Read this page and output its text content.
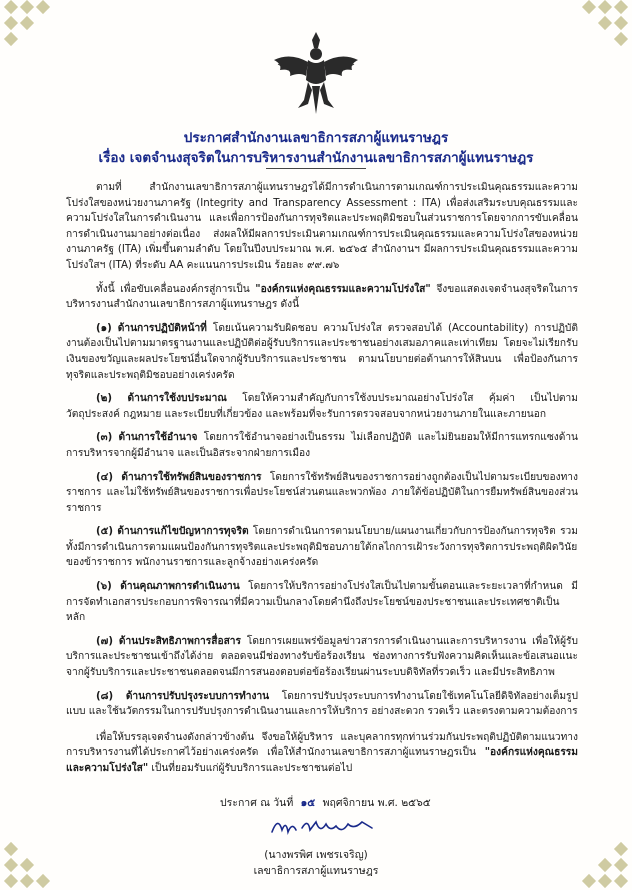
ประกาศสำนักงานเลขาธิการสภาผู้แทนราษฎร
เรื่อง เจตจำนงสุจริตในการบริหารงานสำนักงานเลขาธิการสภาผู้แทนราษฎร

ตามที่ สำนักงานเลขาธิการสภาผู้แทนราษฎรได้มีการดำเนินการตามเกณฑ์การประเมินคุณธรรมและความโปร่งใสของหน่วยงานภาครัฐ (Integrity and Transparency Assessment : ITA) เพื่อส่งเสริมระบบคุณธรรมและความโปร่งใสในการดำเนินงาน และเพื่อการป้องกันการทุจริตและประพฤติมิชอบในส่วนราชการโดยจากการขับเคลื่อนการดำเนินงานมาอย่างต่อเนื่อง ส่งผลให้มีผลการประเมินตามเกณฑ์การประเมินคุณธรรมและความโปร่งใสของหน่วยงานภาครัฐ (ITA) เพิ่มขึ้นตามลำดับ โดยในปีงบประมาณ พ.ศ. ๒๕๖๕ สำนักงานฯ มีผลการประเมินคุณธรรมและความโปร่งใสฯ (ITA) ที่ระดับ AA คะแนนการประเมิน ร้อยละ ๙๙.๗๖

ทั้งนี้ เพื่อขับเคลื่อนองค์กรสู่การเป็น "องค์กรแห่งคุณธรรมและความโปร่งใส" จึงขอแสดงเจตจำนงสุจริตในการบริหารงานสำนักงานเลขาธิการสภาผู้แทนราษฎร ดังนี้

(๑) ด้านการปฏิบัติหน้าที่ โดยเน้นความรับผิดชอบ ความโปร่งใส ตรวจสอบได้ (Accountability) การปฏิบัติงานต้องเป็นไปตามมาตรฐานงานและปฏิบัติต่อผู้รับบริการและประชาชนอย่างเสมอภาคและเท่าเทียม โดยจะไม่เรียกรับเงินของขวัญและผลประโยชน์อื่นใดจากผู้รับบริการและประชาชน ตามนโยบายต่อต้านการให้สินบน เพื่อป้องกันการทุจริตและประพฤติมิชอบอย่างเคร่งครัด

(๒) ด้านการใช้งบประมาณ โดยให้ความสำคัญกับการใช้งบประมาณอย่างโปร่งใส คุ้มค่า เป็นไปตามวัตถุประสงค์ กฎหมาย และระเบียบที่เกี่ยวข้อง และพร้อมที่จะรับการตรวจสอบจากหน่วยงานภายในและภายนอก

(๓) ด้านการใช้อำนาจ โดยการใช้อำนาจอย่างเป็นธรรม ไม่เลือกปฏิบัติ และไม่ยินยอมให้มีการแทรกแซงด้านการบริหารจากผู้มีอำนาจ และเป็นอิสระจากฝ่ายการเมือง

(๔) ด้านการใช้ทรัพย์สินของราชการ โดยการใช้ทรัพย์สินของราชการอย่างถูกต้องเป็นไปตามระเบียบของทางราชการ และไม่ใช้ทรัพย์สินของราชการเพื่อประโยชน์ส่วนตนและพวกพ้อง ภายใต้ข้อปฏิบัติในการยืมทรัพย์สินของส่วนราชการ

(๕) ด้านการแก้ไขปัญหาการทุจริต โดยการดำเนินการตามนโยบาย/แผนงานเกี่ยวกับการป้องกันการทุจริต รวมทั้งมีการดำเนินการตามแผนป้องกันการทุจริตและประพฤติมิชอบภายใต้กลไกการเฝ้าระวังการทุจริตการประพฤติผิดวินัยของข้าราชการ พนักงานราชการและลูกจ้างอย่างเคร่งครัด

(๖) ด้านคุณภาพการดำเนินงาน โดยการให้บริการอย่างโปร่งใสเป็นไปตามขั้นตอนและระยะเวลาที่กำหนด มีการจัดทำเอกสารประกอบการพิจารณาที่มีความเป็นกลางโดยคำนึงถึงประโยชน์ของประชาชนและประเทศชาติเป็นหลัก

(๗) ด้านประสิทธิภาพการสื่อสาร โดยการเผยแพร่ข้อมูลข่าวสารการดำเนินงานและการบริหารงาน เพื่อให้ผู้รับบริการและประชาชนเข้าถึงได้ง่าย ตลอดจนมีช่องทางรับข้อร้องเรียน ช่องทางการรับฟังความคิดเห็นและข้อเสนอแนะจากผู้รับบริการและประชาชนตลอดจนมีการสนองตอบต่อข้อร้องเรียนผ่านระบบดิจิทัลที่รวดเร็ว และมีประสิทธิภาพ

(๘) ด้านการปรับปรุงระบบการทำงาน โดยการปรับปรุงระบบการทำงานโดยใช้เทคโนโลยีดิจิทัลอย่างเต็มรูปแบบ และใช้นวัตกรรมในการปรับปรุงการดำเนินงานและการให้บริการ อย่างสะดวก รวดเร็ว และตรงตามความต้องการ

เพื่อให้บรรลุเจตจำนงดังกล่าวข้างต้น จึงขอให้ผู้บริหาร และบุคลากรทุกท่านร่วมกันประพฤติปฏิบัติตามแนวทางการบริหารงานที่ได้ประกาศไว้อย่างเคร่งครัด เพื่อให้สำนักงานเลขาธิการสภาผู้แทนราษฎรเป็น "องค์กรแห่งคุณธรรมและความโปร่งใส" เป็นที่ยอมรับแก่ผู้รับบริการและประชาชนต่อไป

ประกาศ ณ วันที่ ๑๕ พฤศจิกายน พ.ศ. ๒๕๖๕
(นางพรพิศ เพชรเจริญ)
เลขาธิการสภาผู้แทนราษฎร
